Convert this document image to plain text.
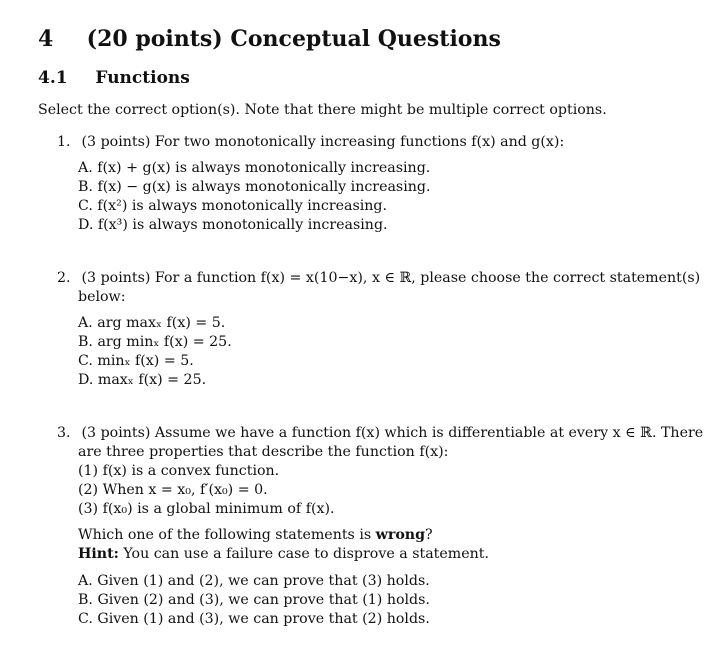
4 (20 points) Conceptual Questions
4.1 Functions
Select the correct option(s). Note that there might be multiple correct options.
1. (3 points) For two monotonically increasing functions f(x) and g(x):
A. f(x) + g(x) is always monotonically increasing.
B. f(x) − g(x) is always monotonically increasing.
C. f(x²) is always monotonically increasing.
D. f(x³) is always monotonically increasing.
2. (3 points) For a function f(x) = x(10−x), x ∈ ℝ, please choose the correct statement(s)
below:
A. arg maxₓ f(x) = 5.
B. arg minₓ f(x) = 25.
C. minₓ f(x) = 5.
D. maxₓ f(x) = 25.
3. (3 points) Assume we have a function f(x) which is differentiable at every x ∈ ℝ. There
are three properties that describe the function f(x):
(1) f(x) is a convex function.
(2) When x = x₀, f′(x₀) = 0.
(3) f(x₀) is a global minimum of f(x).
Which one of the following statements is wrong?
Hint: You can use a failure case to disprove a statement.
A. Given (1) and (2), we can prove that (3) holds.
B. Given (2) and (3), we can prove that (1) holds.
C. Given (1) and (3), we can prove that (2) holds.
